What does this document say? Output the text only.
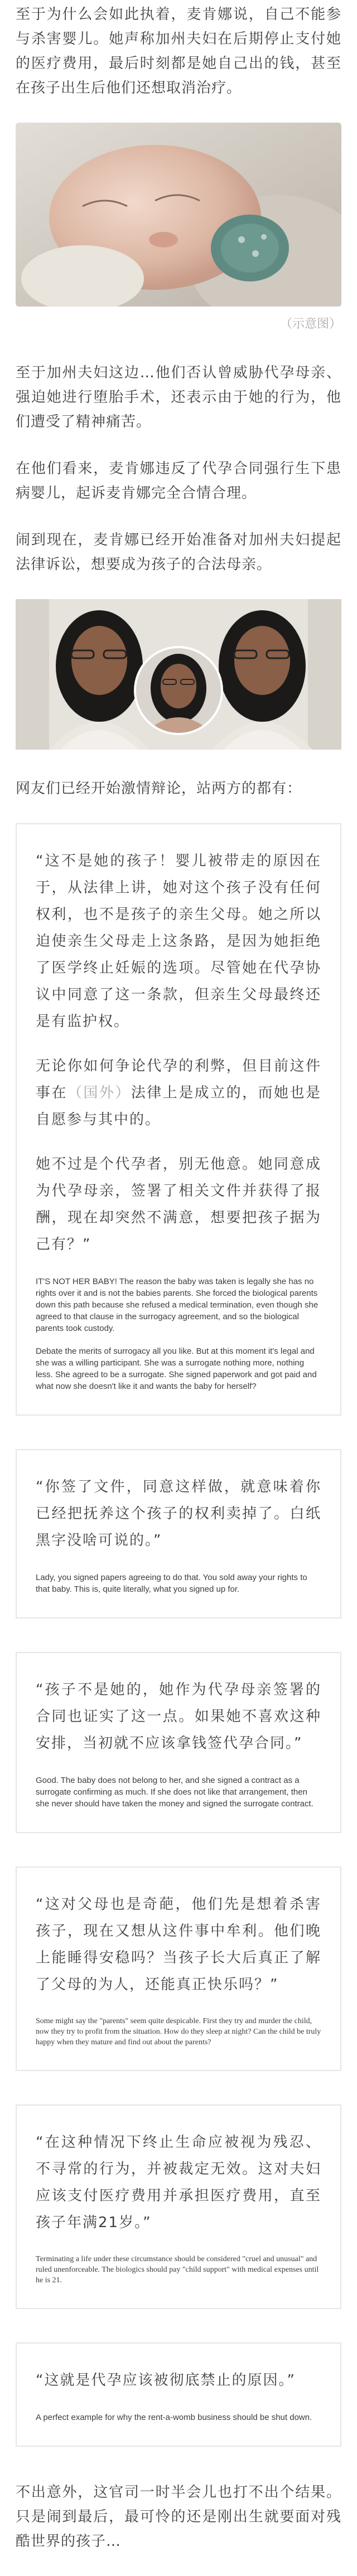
至于为什么会如此执着，麦肯娜说，自己不能参与杀害婴儿。她声称加州夫妇在后期停止支付她的医疗费用，最后时刻都是她自己出的钱，甚至在孩子出生后他们还想取消治疗。

（示意图）

至于加州夫妇这边…他们否认曾威胁代孕母亲、强迫她进行堕胎手术，还表示由于她的行为，他们遭受了精神痛苦。

在他们看来，麦肯娜违反了代孕合同强行生下患病婴儿，起诉麦肯娜完全合情合理。

闹到现在，麦肯娜已经开始准备对加州夫妇提起法律诉讼，想要成为孩子的合法母亲。

网友们已经开始激情辩论，站两方的都有：

“这不是她的孩子！婴儿被带走的原因在于，从法律上讲，她对这个孩子没有任何权利，也不是孩子的亲生父母。她之所以迫使亲生父母走上这条路，是因为她拒绝了医学终止妊娠的选项。尽管她在代孕协议中同意了这一条款，但亲生父母最终还是有监护权。

无论你如何争论代孕的利弊，但目前这件事在（国外）法律上是成立的，而她也是自愿参与其中的。

她不过是个代孕者，别无他意。她同意成为代孕母亲，签署了相关文件并获得了报酬，现在却突然不满意，想要把孩子据为己有？”

IT'S NOT HER BABY! The reason the baby was taken is legally she has no rights over it and is not the babies parents. She forced the biological parents down this path because she refused a medical termination, even though she agreed to that clause in the surrogacy agreement, and so the biological parents took custody.

Debate the merits of surrogacy all you like. But at this moment it's legal and she was a willing participant. She was a surrogate nothing more, nothing less. She agreed to be a surrogate. She signed paperwork and got paid and what now she doesn't like it and wants the baby for herself?

“你签了文件，同意这样做，就意味着你已经把抚养这个孩子的权利卖掉了。白纸黑字没啥可说的。”

Lady, you signed papers agreeing to do that. You sold away your rights to that baby. This is, quite literally, what you signed up for.

“孩子不是她的，她作为代孕母亲签署的合同也证实了这一点。如果她不喜欢这种安排，当初就不应该拿钱签代孕合同。”

Good. The baby does not belong to her, and she signed a contract as a surrogate confirming as much. If she does not like that arrangement, then she never should have taken the money and signed the surrogate contract.

“这对父母也是奇葩，他们先是想着杀害孩子，现在又想从这件事中牟利。他们晚上能睡得安稳吗？当孩子长大后真正了解了父母的为人，还能真正快乐吗？”

Some might say the "parents" seem quite despicable. First they try and murder the child, now they try to profit from the situation. How do they sleep at night? Can the child be truly happy when they mature and find out about the parents?

“在这种情况下终止生命应被视为残忍、不寻常的行为，并被裁定无效。这对夫妇应该支付医疗费用并承担医疗费用，直至孩子年满21岁。”

Terminating a life under these circumstance should be considered "cruel and unusual" and ruled unenforceable. The biologics should pay "child support" with medical expenses until he is 21.

“这就是代孕应该被彻底禁止的原因。”

A perfect example for why the rent-a-womb business should be shut down.

不出意外，这官司一时半会儿也打不出个结果。只是闹到最后，最可怜的还是刚出生就要面对残酷世界的孩子…
